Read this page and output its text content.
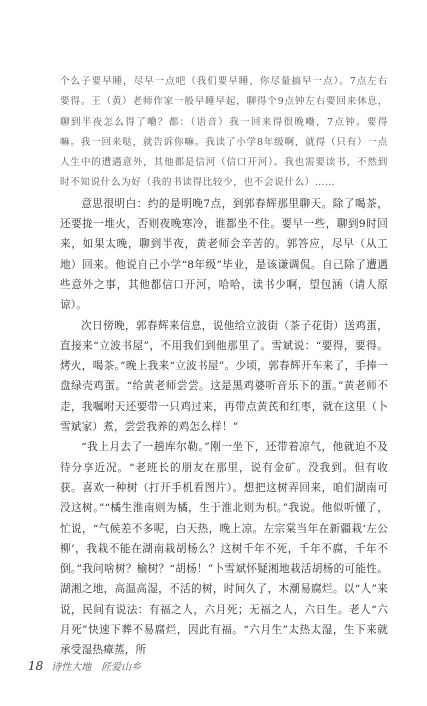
个么子要早睡，尽早一点吧（我们要早睡，你尽量搞早一点）。7点左右要得。王（黄）老师作家一般早睡早起，聊得个9点钟左右要回来休息，聊到半夜怎么得了嘞？都：（语音）我一回来得很晚嘞，7点钟。要得嘛。我一回来哒，就告诉你嘛。我读了小学8年级啊，就得（只有）一点人生中的遭遇意外，其他都是信河（信口开河）。我也需要读书，不然到时不知说什么为好（我的书读得比较少，也不会说什么）……

意思很明白：约的是明晚7点，到郭春辉那里聊天。除了喝茶，还要拢一堆火，否则夜晚寒冷，谁都坐不住。要早一些，聊到9时回来，如果太晚，聊到半夜，黄老师会辛苦的。郭答应，尽早（从工地）回来。他说自己小学“8年级”毕业，是该谦调侃。自己除了遭遇些意外之事，其他都信口开河，哈哈，读书少啊，望包涵（请人原谅）。

次日傍晚，郭春辉来信息，说他给立波街（茶子花街）送鸡蛋，直接来“立波书屋”，不用我们到他那里了。雪斌说：“要得，要得。烤火，喝茶。”晚上我来“立波书屋”。少顷，郭春辉开车来了，手捧一盘绿壳鸡蛋。“给黄老师尝尝。这是黑鸡婆听音乐下的蛋。”黄老师不走，我嘱咐天还要带一只鸡过来，再带点黄芪和红枣，就在这里（卜雪斌家）煮，尝尝我养的鸡怎么样！”

“我上月去了一趟库尔勒。”刚一坐下，还带着凉气，他就迫不及待分享近况。“老班长的朋友在那里，说有金矿。没我到。但有收获。喜欢一种树（打开手机看图片）。想把这树弄回来，咱们湖南可没这树。”“橘生淮南则为橘，生于淮北则为枳。”我说。他似听懂了，忙说，“气候差不多呢，白天热，晚上凉。左宗棠当年在新疆栽‘左公柳’，我栽不能在湖南栽胡杨么？这树千年不死，千年不腐，千年不倒。”我问啥树？榆树？“胡杨！”卜雪斌怀疑湘地栽活胡杨的可能性。湖湘之地，高温高湿，不活的树，时间久了，木潮易腐烂。以“人”来说，民间有说法：有福之人，六月死；无福之人，六日生。老人“六月死”快速下葬不易腐烂，因此有福。“六月生”太热太湿，生下来就承受湿热瘴蒸，所

18 诗性大地　匠爱山乡
